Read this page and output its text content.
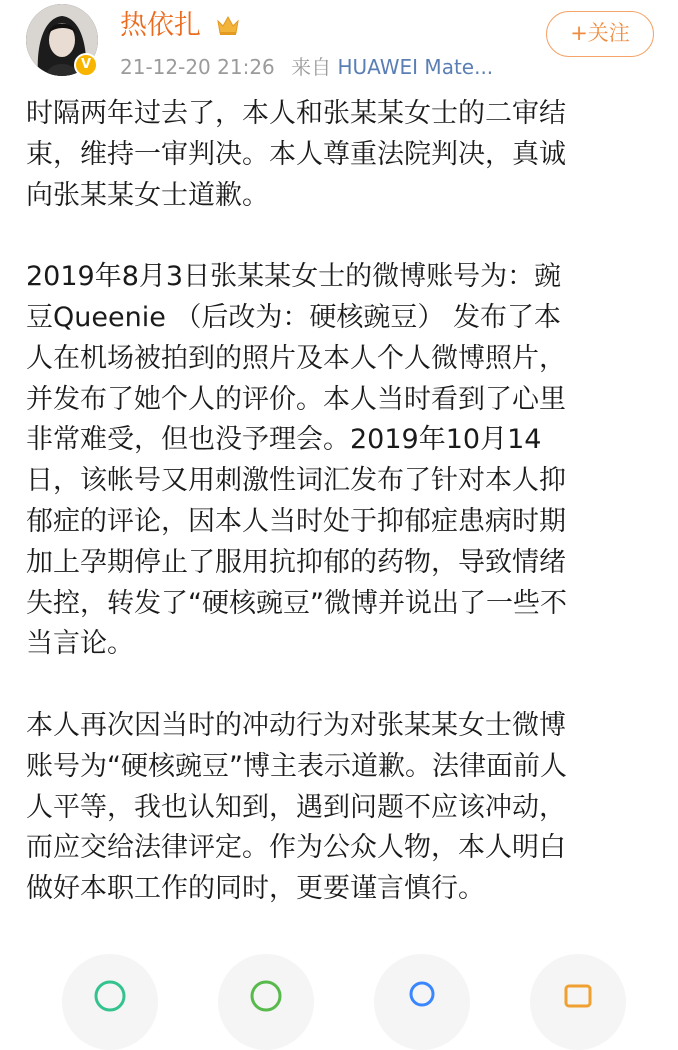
V
热依扎
21-12-20 21:26 来自 HUAWEI Mate...
+关注

时隔两年过去了，本人和张某某女士的二审结
束，维持一审判决。本人尊重法院判决，真诚
向张某某女士道歉。

2019年8月3日张某某女士的微博账号为：豌
豆Queenie （后改为：硬核豌豆） 发布了本
人在机场被拍到的照片及本人个人微博照片，
并发布了她个人的评价。本人当时看到了心里
非常难受，但也没予理会。2019年10月14
日，该帐号又用刺激性词汇发布了针对本人抑
郁症的评论，因本人当时处于抑郁症患病时期
加上孕期停止了服用抗抑郁的药物，导致情绪
失控，转发了“硬核豌豆”微博并说出了一些不
当言论。

本人再次因当时的冲动行为对张某某女士微博
账号为“硬核豌豆”博主表示道歉。法律面前人
人平等，我也认知到，遇到问题不应该冲动，
而应交给法律评定。作为公众人物，本人明白
做好本职工作的同时，更要谨言慎行。
